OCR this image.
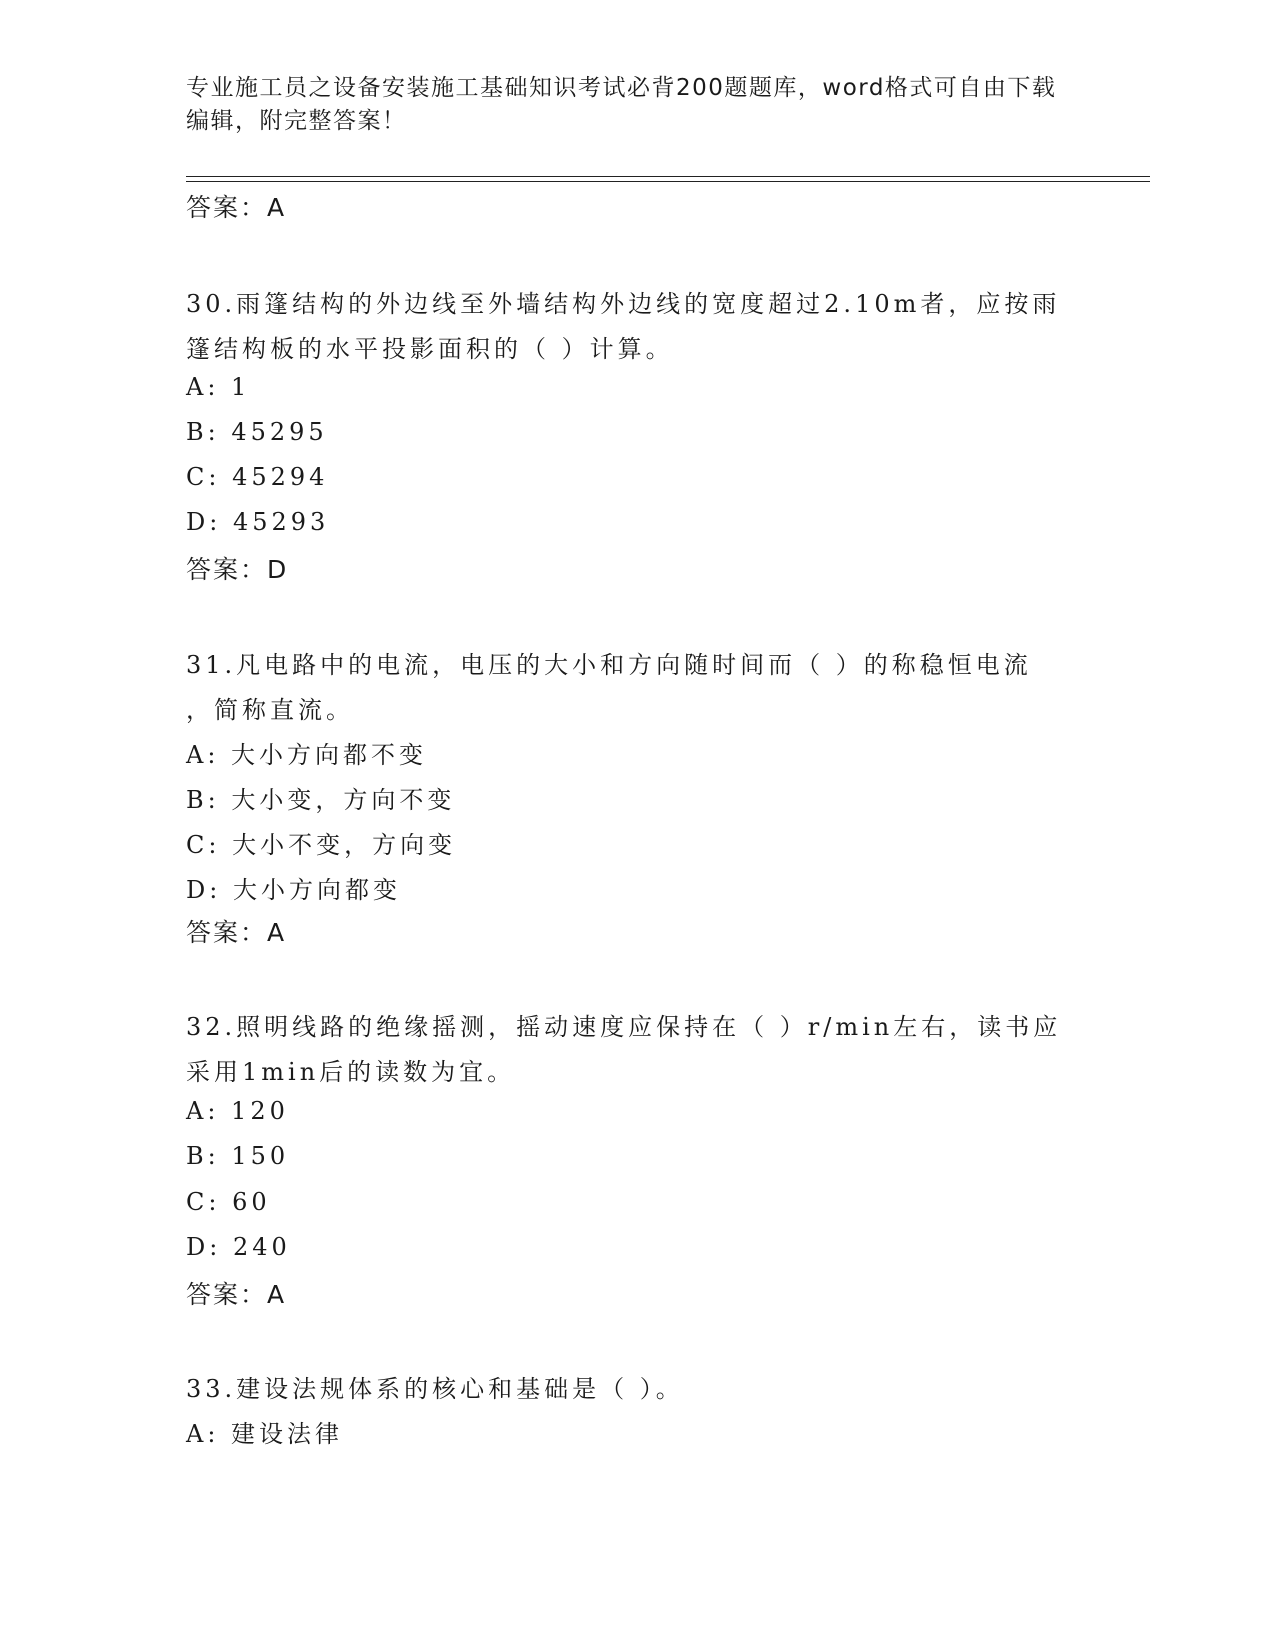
专业施工员之设备安装施工基础知识考试必背200题题库，word格式可自由下载
编辑，附完整答案！
答案：A
30.雨篷结构的外边线至外墙结构外边线的宽度超过2.10m者，应按雨
篷结构板的水平投影面积的（ ）计算。
A: 1
B: 45295
C: 45294
D: 45293
答案：D
31.凡电路中的电流，电压的大小和方向随时间而（ ）的称稳恒电流
，简称直流。
A: 大小方向都不变
B: 大小变，方向不变
C: 大小不变，方向变
D: 大小方向都变
答案：A
32.照明线路的绝缘摇测，摇动速度应保持在（ ）r/min左右，读书应
采用1min后的读数为宜。
A: 120
B: 150
C: 60
D: 240
答案：A
33.建设法规体系的核心和基础是（ ）。
A: 建设法律
